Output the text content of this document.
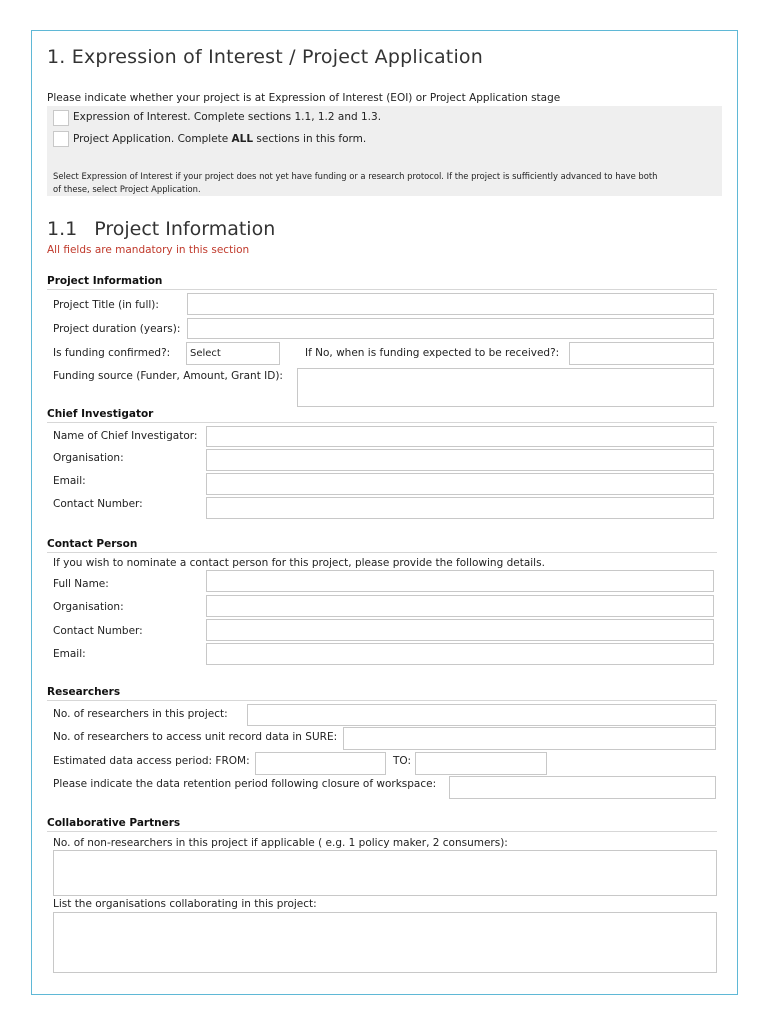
1. Expression of Interest / Project Application
Please indicate whether your project is at Expression of Interest (EOI) or Project Application stage
Expression of Interest. Complete sections 1.1, 1.2 and 1.3.
Project Application. Complete ALL sections in this form.
Select Expression of Interest if your project does not yet have funding or a research protocol. If the project is sufficiently advanced to have both
of these, select Project Application.
1.1 Project Information
All fields are mandatory in this section
Project Information
Project Title (in full):
Project duration (years):
Is funding confirmed?:	Select	If No, when is funding expected to be received?:
Funding source (Funder, Amount, Grant ID):
Chief Investigator
Name of Chief Investigator:
Organisation:
Email:
Contact Number:
Contact Person
If you wish to nominate a contact person for this project, please provide the following details.
Full Name:
Organisation:
Contact Number:
Email:
Researchers
No. of researchers in this project:
No. of researchers to access unit record data in SURE:
Estimated data access period: FROM:	TO:
Please indicate the data retention period following closure of workspace:
Collaborative Partners
No. of non-researchers in this project if applicable ( e.g. 1 policy maker, 2 consumers):
List the organisations collaborating in this project:
